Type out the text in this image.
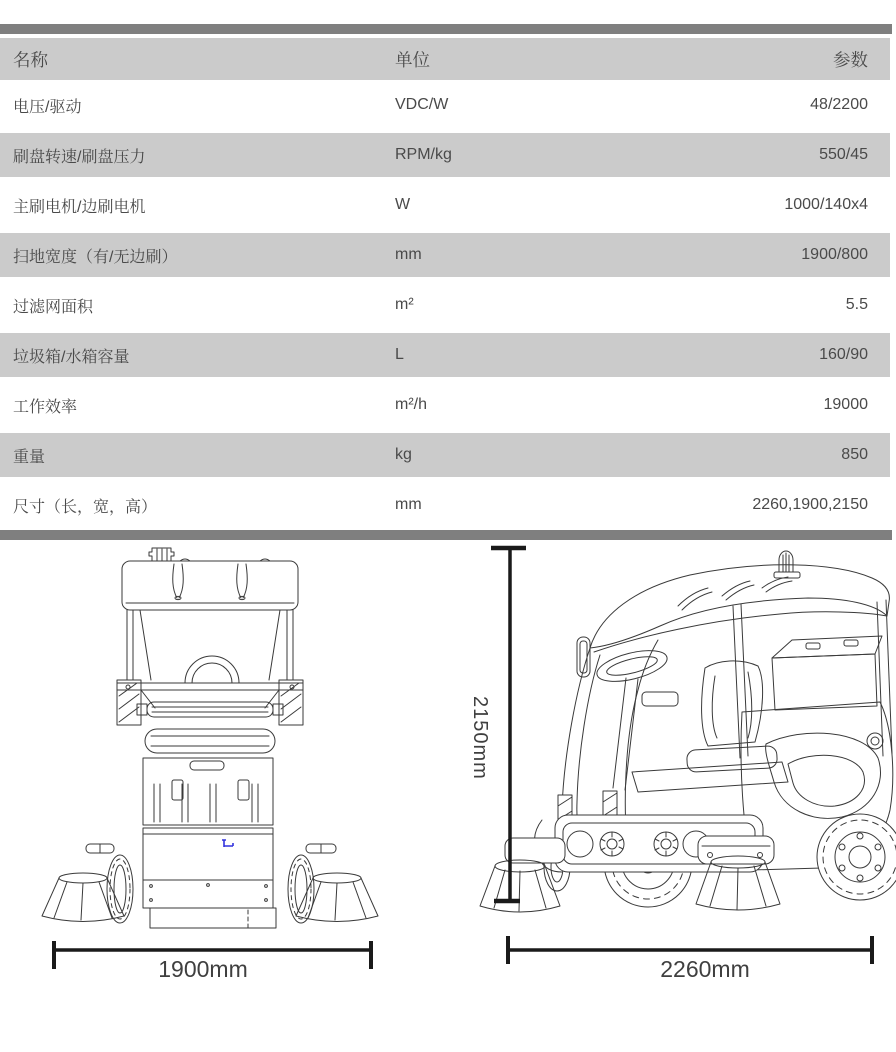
名称	单位	参数
电压/驱动	VDC/W	48/2200
刷盘转速/刷盘压力	RPM/kg	550/45
主刷电机/边刷电机	W	1000/140x4
扫地宽度（有/无边刷）	mm	1900/800
过滤网面积	m²	5.5
垃圾箱/水箱容量	L	160/90
工作效率	m²/h	19000
重量	kg	850
尺寸（长，宽，高）	mm	2260,1900,2150
1900mm
2150mm
2260mm
